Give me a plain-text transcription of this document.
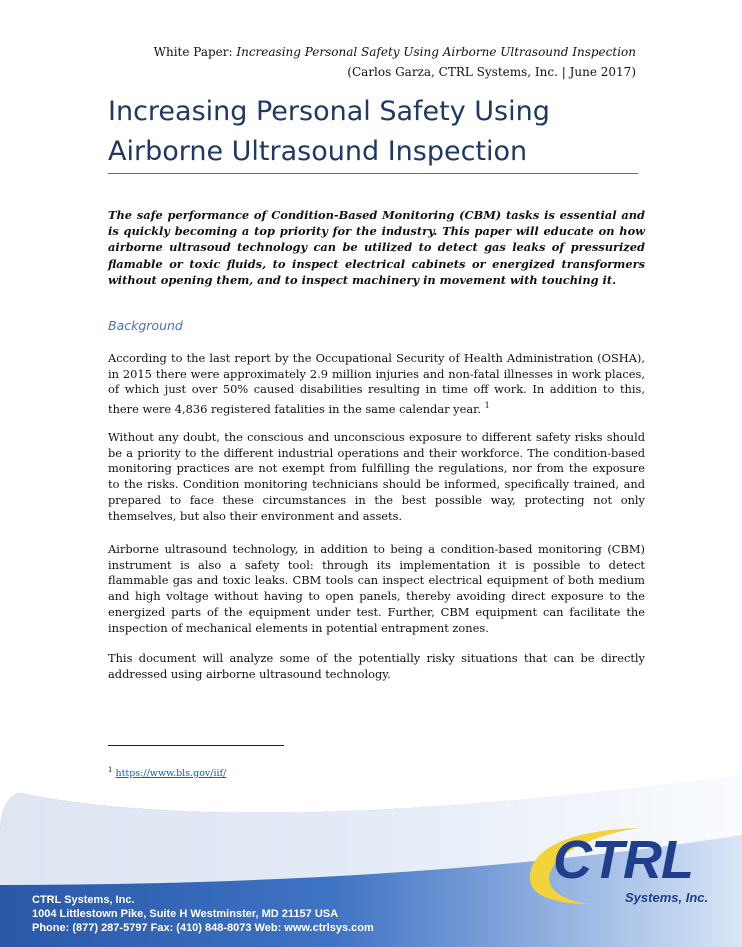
White Paper: Increasing Personal Safety Using Airborne Ultrasound Inspection
(Carlos Garza, CTRL Systems, Inc. | June 2017)
Increasing Personal Safety Using
Airborne Ultrasound Inspection
The safe performance of Condition-Based Monitoring (CBM) tasks is essential and is quickly becoming a top priority for the industry. This paper will educate on how airborne ultrasoud technology can be utilized to detect gas leaks of pressurized flamable or toxic fluids, to inspect electrical cabinets or energized transformers without opening them, and to inspect machinery in movement with touching it.
Background
According to the last report by the Occupational Security of Health Administration (OSHA), in 2015 there were approximately 2.9 million injuries and non-fatal illnesses in work places, of which just over 50% caused disabilities resulting in time off work. In addition to this, there were 4,836 registered fatalities in the same calendar year. $^1$
Without any doubt, the conscious and unconscious exposure to different safety risks should be a priority to the different industrial operations and their workforce. The condition-based monitoring practices are not exempt from fulfilling the regulations, nor from the exposure to the risks. Condition monitoring technicians should be informed, specifically trained, and prepared to face these circumstances in the best possible way, protecting not only themselves, but also their environment and assets.
Airborne ultrasound technology, in addition to being a condition-based monitoring (CBM) instrument is also a safety tool: through its implementation it is possible to detect flammable gas and toxic leaks. CBM tools can inspect electrical equipment of both medium and high voltage without having to open panels, thereby avoiding direct exposure to the energized parts of the equipment under test. Further, CBM equipment can facilitate the inspection of mechanical elements in potential entrapment zones.
This document will analyze some of the potentially risky situations that can be directly addressed using airborne ultrasound technology.
$^1$ https://www.bls.gov/iif/
CTRL
Systems, Inc.
CTRL Systems, Inc.
1004 Littlestown Pike, Suite H Westminster, MD 21157 USA
Phone: (877) 287-5797 Fax: (410) 848-8073 Web: www.ctrlsys.com
